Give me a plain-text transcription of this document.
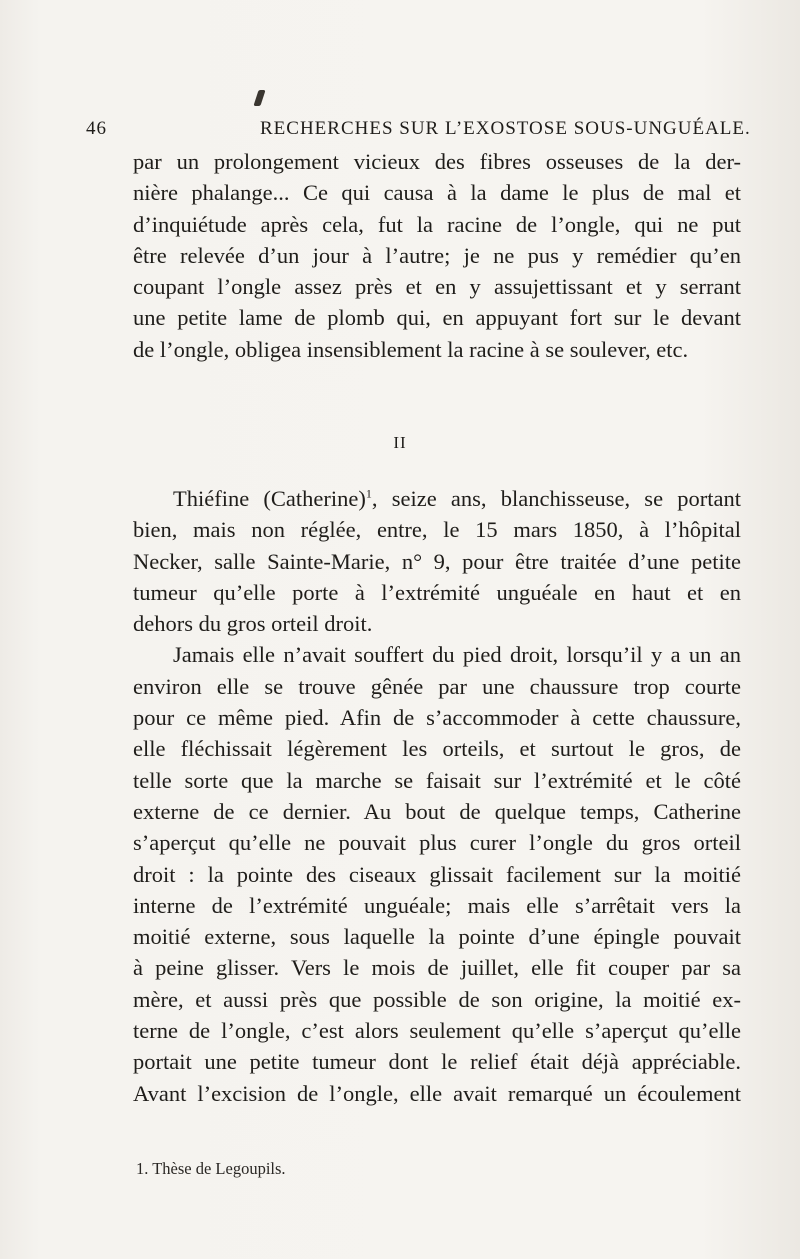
46	RECHERCHES SUR L’EXOSTOSE SOUS-UNGUÉALE.
par un prolongement vicieux des fibres osseuses de la der-
nière phalange... Ce qui causa à la dame le plus de mal et
d’inquiétude après cela, fut la racine de l’ongle, qui ne put
être relevée d’un jour à l’autre; je ne pus y remédier qu’en
coupant l’ongle assez près et en y assujettissant et y serrant
une petite lame de plomb qui, en appuyant fort sur le devant
de l’ongle, obligea insensiblement la racine à se soulever, etc.
II
Thiéfine (Catherine)$^1$, seize ans, blanchisseuse, se portant
bien, mais non réglée, entre, le 15 mars 1850, à l’hôpital
Necker, salle Sainte-Marie, n° 9, pour être traitée d’une petite
tumeur qu’elle porte à l’extrémité unguéale en haut et en
dehors du gros orteil droit.
Jamais elle n’avait souffert du pied droit, lorsqu’il y a un an
environ elle se trouve gênée par une chaussure trop courte
pour ce même pied. Afin de s’accommoder à cette chaussure,
elle fléchissait légèrement les orteils, et surtout le gros, de
telle sorte que la marche se faisait sur l’extrémité et le côté
externe de ce dernier. Au bout de quelque temps, Catherine
s’aperçut qu’elle ne pouvait plus curer l’ongle du gros orteil
droit : la pointe des ciseaux glissait facilement sur la moitié
interne de l’extrémité unguéale; mais elle s’arrêtait vers la
moitié externe, sous laquelle la pointe d’une épingle pouvait
à peine glisser. Vers le mois de juillet, elle fit couper par sa
mère, et aussi près que possible de son origine, la moitié ex-
terne de l’ongle, c’est alors seulement qu’elle s’aperçut qu’elle
portait une petite tumeur dont le relief était déjà appréciable.
Avant l’excision de l’ongle, elle avait remarqué un écoulement
1. Thèse de Legoupils.
